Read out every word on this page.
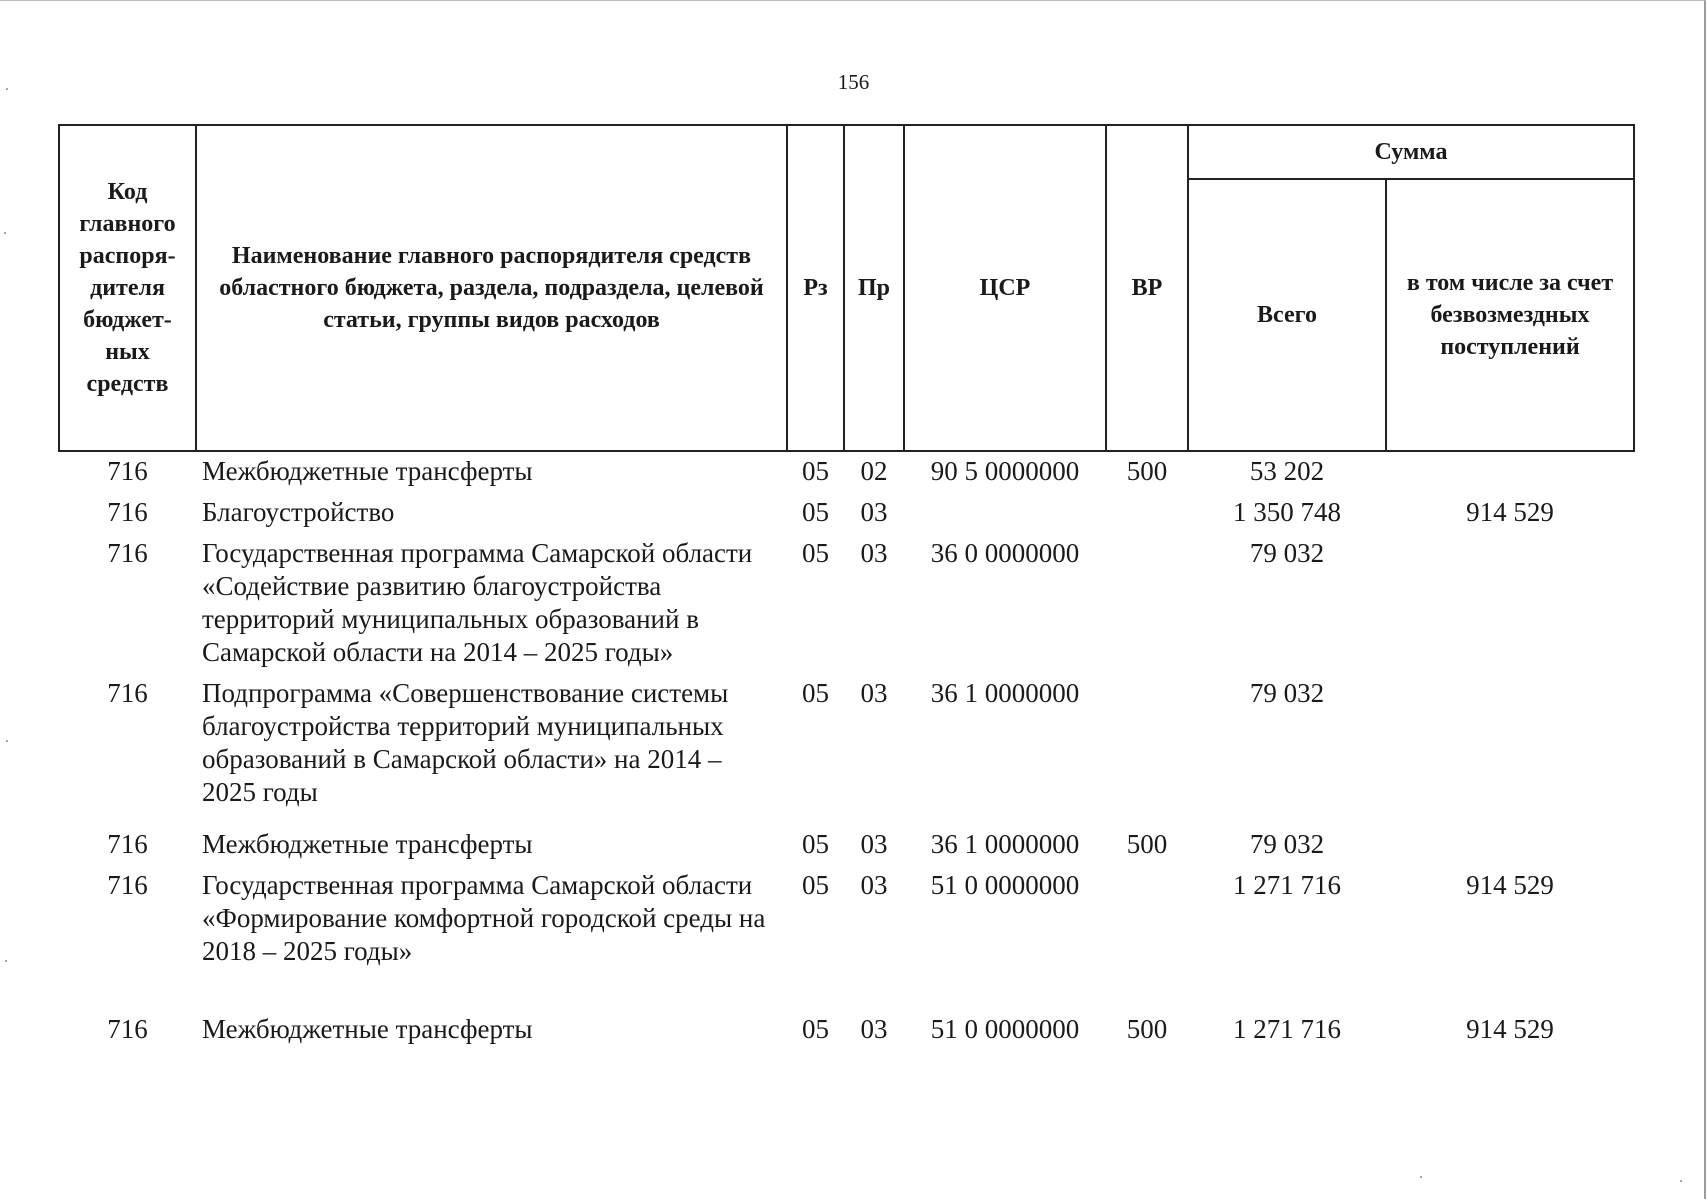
156
Код главного распоря-дителя бюджет-ных средств	Наименование главного распорядителя средств областного бюджета, раздела, подраздела, целевой статьи, группы видов расходов	Рз	Пр	ЦСР	ВР	Сумма	
						Всего	в том числе за счет безвозмездных поступлений
716	Межбюджетные трансферты	05	02	90 5 0000000	500	53 202	
716	Благоустройство	05	03			1 350 748	914 529
716	Государственная программа Самарской области «Содействие развитию благоустройства территорий муниципальных образований в Самарской области на 2014 – 2025 годы»	05	03	36 0 0000000		79 032	
716	Подпрограмма «Совершенствование системы благоустройства территорий муниципальных образований в Самарской области» на 2014 – 2025 годы	05	03	36 1 0000000		79 032	
716	Межбюджетные трансферты	05	03	36 1 0000000	500	79 032	
716	Государственная программа Самарской области «Формирование комфортной городской среды на 2018 – 2025 годы»	05	03	51 0 0000000		1 271 716	914 529
716	Межбюджетные трансферты	05	03	51 0 0000000	500	1 271 716	914 529
